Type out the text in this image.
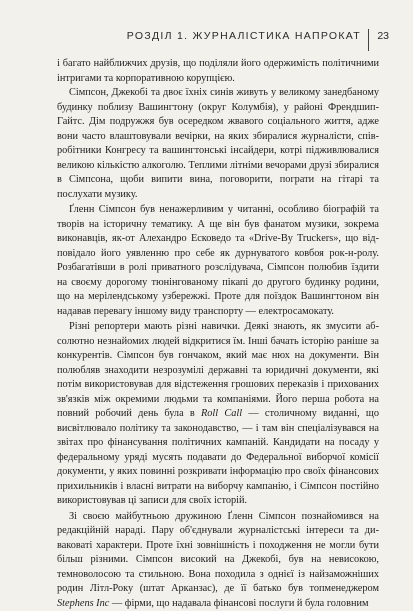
РОЗДІЛ 1. ЖУРНАЛІСТИКА НАПРОКАТ 23

і багато найближчих друзів, що поділяли його одержимість політичними інтригами та корпоративною корупцією.

Сімпсон, Джекобі та двоє їхніх синів живуть у великому занедбаному будинку поблизу Вашингтону (округ Колумбія), у районі Френдшип-Гайтс. Дім подружжя був осередком жвавого соціального життя, адже вони часто влаштовували вечірки, на яких збиралися журналісти, співробітники Конгресу та вашингтонські інсайдери, котрі підживлювалися великою кількістю алкоголю. Теплими літніми вечорами друзі збиралися в Сімпсона, щоби випити вина, поговорити, пограти на гітарі та послухати музику.

Ґленн Сімпсон був ненажерливим у читанні, особливо біографій та творів на історичну тематику. А ще він був фанатом музики, зокрема виконавців, як-от Алехандро Есковедо та «Drive-By Truckers», що відповідало його уявленню про себе як дурнуватого ковбоя рок-н-ролу. Розбагатівши в ролі приватного розслідувача, Сімпсон полюбив їздити на своєму дорогому тюнінгованому пікапі до другого будинку родини, що на мерілендському узбережжі. Проте для поїздок Вашингтоном він надавав перевагу іншому виду транспорту — електросамокату.

Різні репортери мають різні навички. Деякі знають, як змусити абсолютно незнайомих людей відкритися їм. Інші бачать історію раніше за конкурентів. Сімпсон був гончаком, який має нюх на документи. Він полюбляв знаходити незрозумілі державні та юридичні документи, які потім використовував для відстеження грошових переказів і прихованих зв'язків між окремими людьми та компаніями. Його перша робота на повний робочий день була в Roll Call — столичному виданні, що висвітлювало політику та законодавство, — і там він спеціалізувався на звітах про фінансування політичних кампаній. Кандидати на посаду у федеральному уряді мусять подавати до Федеральної виборчої комісії документи, у яких повинні розкривати інформацію про своїх фінансових прихильників і власні витрати на виборчу кампанію, і Сімпсон постійно використовував ці записи для своїх історій.

Зі своєю майбутньою дружиною Ґленн Сімпсон познайомився на редакційній нараді. Пару об'єднували журналістські інтереси та диваковаті характери. Проте їхні зовнішність і походження не могли бути більш різними. Сімпсон високий на Джекобі, був нa невисокою, темноволосою та стильною. Вона походила з однієї із найзаможніших родин Літл-Року (штат Арканзас), де її батько був топменеджером Stephens Inc — фірми, що надавала фінансові послуги й була головним
